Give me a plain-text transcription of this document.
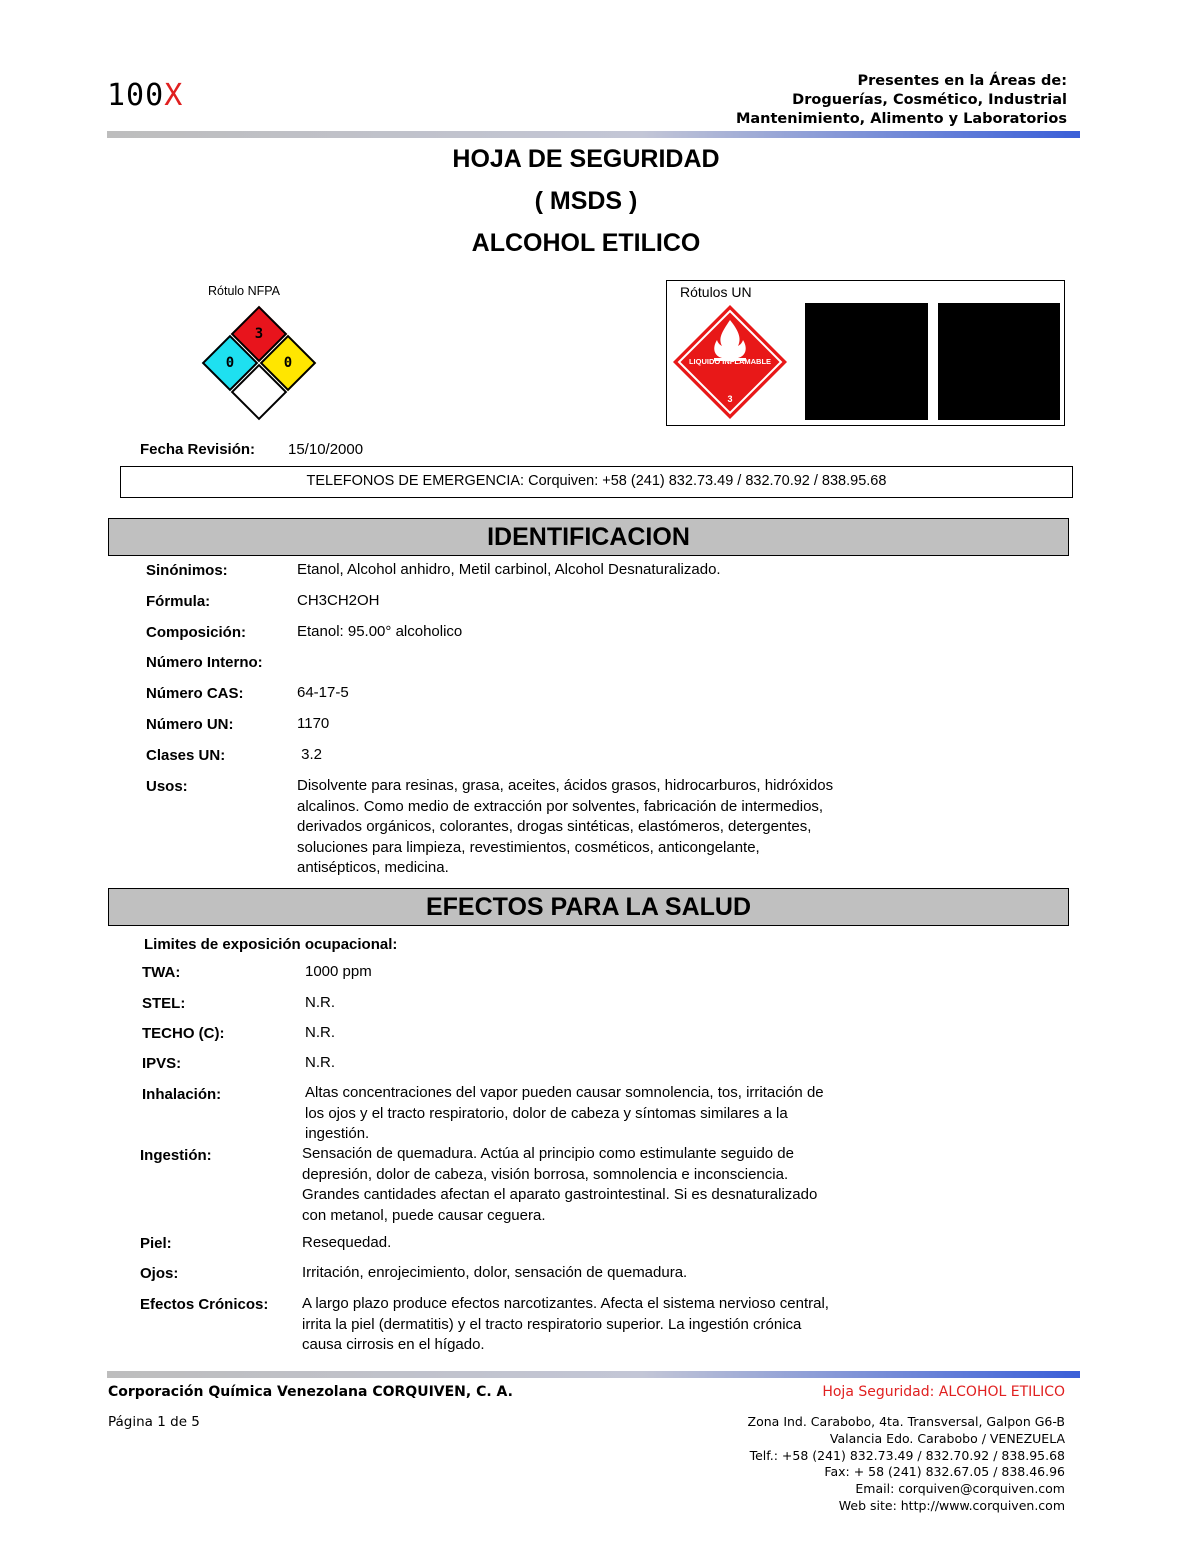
100X	Presentes en la Áreas de:
Droguerías, Cosmético, Industrial
Mantenimiento, Alimento y Laboratorios
HOJA DE SEGURIDAD
( MSDS )
ALCOHOL ETILICO
Rótulo NFPA
3
0	0
Rótulos UN
LIQUIDO INFLAMABLE
3
Fecha Revisión: 15/10/2000
TELEFONOS DE EMERGENCIA: Corquiven: +58 (241) 832.73.49 / 832.70.92 / 838.95.68
IDENTIFICACION
Sinónimos:	Etanol, Alcohol anhidro, Metil carbinol, Alcohol Desnaturalizado.
Fórmula:	CH3CH2OH
Composición:	Etanol: 95.00° alcoholico
Número Interno:
Número CAS:	64-17-5
Número UN:	1170
Clases UN:	3.2
Usos:	Disolvente para resinas, grasa, aceites, ácidos grasos, hidrocarburos, hidróxidos
alcalinos. Como medio de extracción por solventes, fabricación de intermedios,
derivados orgánicos, colorantes, drogas sintéticas, elastómeros, detergentes,
soluciones para limpieza, revestimientos, cosméticos, anticongelante,
antisépticos, medicina.
EFECTOS PARA LA SALUD
Limites de exposición ocupacional:
TWA:	1000 ppm
STEL:	N.R.
TECHO (C):	N.R.
IPVS:	N.R.
Inhalación:	Altas concentraciones del vapor pueden causar somnolencia, tos, irritación de
los ojos y el tracto respiratorio, dolor de cabeza y síntomas similares a la
ingestión.
Ingestión:	Sensación de quemadura. Actúa al principio como estimulante seguido de
depresión, dolor de cabeza, visión borrosa, somnolencia e inconsciencia.
Grandes cantidades afectan el aparato gastrointestinal. Si es desnaturalizado
con metanol, puede causar ceguera.
Piel:	Resequedad.
Ojos:	Irritación, enrojecimiento, dolor, sensación de quemadura.
Efectos Crónicos: A largo plazo produce efectos narcotizantes. Afecta el sistema nervioso central,
irrita la piel (dermatitis) y el tracto respiratorio superior. La ingestión crónica
causa cirrosis en el hígado.
Corporación Química Venezolana CORQUIVEN, C. A.
Página 1 de 5
Hoja Seguridad: ALCOHOL ETILICO
Zona Ind. Carabobo, 4ta. Transversal, Galpon G6-B
Valancia Edo. Carabobo / VENEZUELA
Telf.: +58 (241) 832.73.49 / 832.70.92 / 838.95.68
Fax: + 58 (241) 832.67.05 / 838.46.96
Email: corquiven@corquiven.com
Web site: http://www.corquiven.com
